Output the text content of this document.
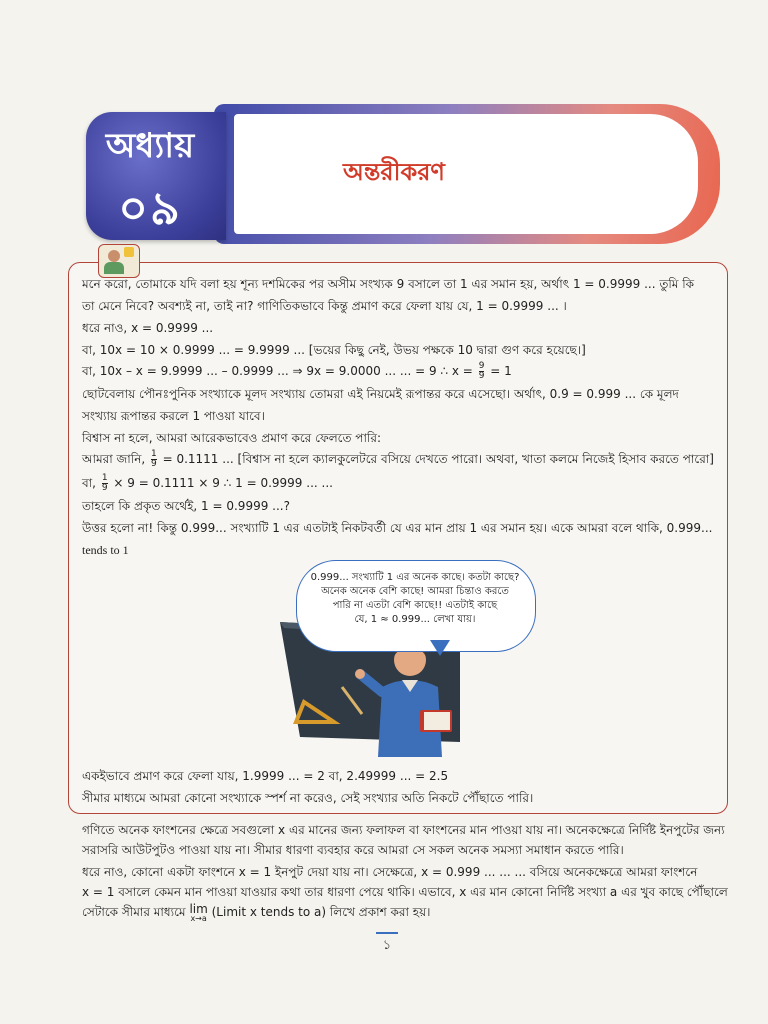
অন্তরীকরণ
অধ্যায়
০৯
মনে করো, তোমাকে যদি বলা হয় শূন্য দশমিকের পর অসীম সংখ্যক 9 বসালে তা 1 এর সমান হয়, অর্থাৎ 1 = 0.9999 ... তুমি কি
তা মেনে নিবে? অবশ্যই না, তাই না? গাণিতিকভাবে কিন্তু প্রমাণ করে ফেলা যায় যে, 1 = 0.9999 ... ।
ধরে নাও, x = 0.9999 ...
বা, 10x = 10 × 0.9999 ... = 9.9999 ... [ভয়ের কিছু নেই, উভয় পক্ষকে 10 দ্বারা গুণ করে হয়েছে।]
বা, 10x – x = 9.9999 ... – 0.9999 ... ⇒ 9x = 9.0000 ... ... = 9 ∴ $x = \frac{9}{9} = 1$
ছোটবেলায় পৌনঃপুনিক সংখ্যাকে মূলদ সংখ্যায় তোমরা এই নিয়মেই রূপান্তর করে এসেছো। অর্থাৎ, 0.9̇ = 0.999 ... কে মূলদ
সংখ্যায় রূপান্তর করলে 1 পাওয়া যাবে।
বিশ্বাস না হলে, আমরা আরেকভাবেও প্রমাণ করে ফেলতে পারি:
আমরা জানি, $\frac{1}{9} = 0.1111$ ... [বিশ্বাস না হলে ক্যালকুলেটরে বসিয়ে দেখতে পারো। অথবা, খাতা কলমে নিজেই হিসাব করতে পারো]
বা, $\frac{1}{9} \times 9 = 0.1111 \times 9$ ∴ 1 = 0.9999 ... ...
তাহলে কি প্রকৃত অর্থেই, 1 = 0.9999 ...?
উত্তর হলো না! কিন্তু 0.999... সংখ্যাটি 1 এর এতটাই নিকটবর্তী যে এর মান প্রায় 1 এর সমান হয়। একে আমরা বলে থাকি, 0.999...
tends to 1
0.999... সংখ্যাটি 1 এর অনেক কাছে। কতটা কাছে?
অনেক অনেক বেশি কাছে! আমরা চিন্তাও করতে
পারি না এতটা বেশি কাছে!! এতটাই কাছে
যে, 1 ≈ 0.999... লেখা যায়।
একইভাবে প্রমাণ করে ফেলা যায়, 1.9999 ... = 2 বা, 2.49999 ... = 2.5
সীমার মাধ্যমে আমরা কোনো সংখ্যাকে স্পর্শ না করেও, সেই সংখ্যার অতি নিকটে পৌঁছাতে পারি।
গণিতে অনেক ফাংশনের ক্ষেত্রে সবগুলো x এর মানের জন্য ফলাফল বা ফাংশনের মান পাওয়া যায় না। অনেকক্ষেত্রে নির্দিষ্ট ইনপুটের জন্য
সরাসরি আউটপুটও পাওয়া যায় না। সীমার ধারণা ব্যবহার করে আমরা সে সকল অনেক সমস্যা সমাধান করতে পারি।
ধরে নাও, কোনো একটা ফাংশনে x = 1 ইনপুট দেয়া যায় না। সেক্ষেত্রে, x = 0.999 ... ... ... বসিয়ে অনেকক্ষেত্রে আমরা ফাংশনে
x = 1 বসালে কেমন মান পাওয়া যাওয়ার কথা তার ধারণা পেয়ে থাকি। এভাবে, x এর মান কোনো নির্দিষ্ট সংখ্যা a এর খুব কাছে পৌঁছালে
সেটাকে সীমার মাধ্যমে lim
x→a (Limit x tends to a) লিখে প্রকাশ করা হয়।
১
